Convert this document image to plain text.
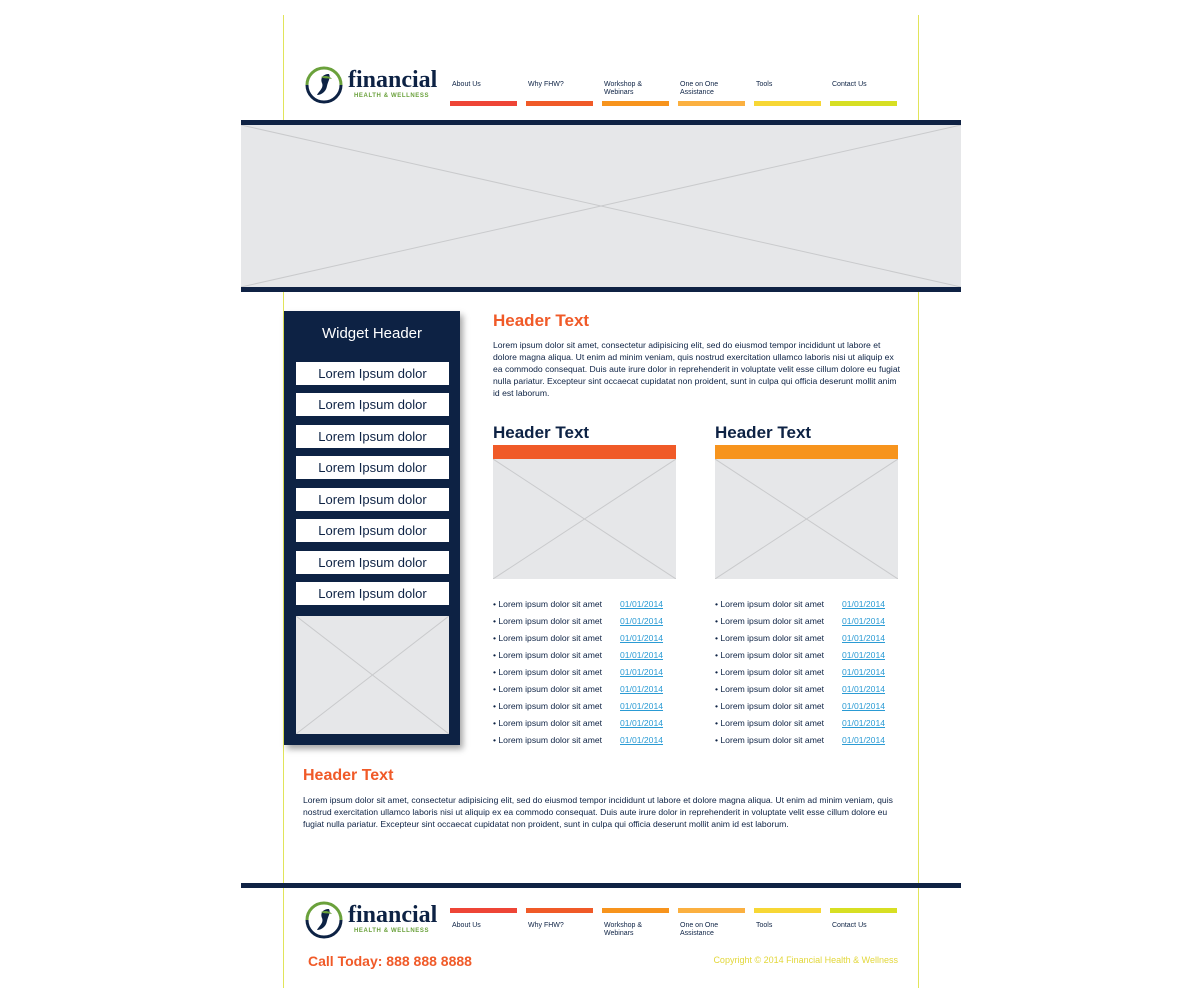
financial
HEALTH & WELLNESS
About Us	Why FHW?	Workshop & Webinars
One on One Assistance
Tools	Contact Us
Widget Header
Lorem Ipsum dolor
Lorem Ipsum dolor
Lorem Ipsum dolor
Lorem Ipsum dolor
Lorem Ipsum dolor
Lorem Ipsum dolor
Lorem Ipsum dolor
Lorem Ipsum dolor
Header Text
Lorem ipsum dolor sit amet, consectetur adipisicing elit, sed do eiusmod tempor incididunt ut labore et dolore magna aliqua. Ut enim ad minim veniam, quis nostrud exercitation ullamco laboris nisi ut aliquip ex ea commodo consequat. Duis aute irure dolor in reprehenderit in voluptate velit esse cillum dolore eu fugiat nulla pariatur. Excepteur sint occaecat cupidatat non proident, sunt in culpa qui officia deserunt mollit anim id est laborum.
Header Text
• Lorem ipsum dolor sit amet 01/01/2014
• Lorem ipsum dolor sit amet 01/01/2014
• Lorem ipsum dolor sit amet 01/01/2014
• Lorem ipsum dolor sit amet 01/01/2014
• Lorem ipsum dolor sit amet 01/01/2014
• Lorem ipsum dolor sit amet 01/01/2014
• Lorem ipsum dolor sit amet 01/01/2014
• Lorem ipsum dolor sit amet 01/01/2014
• Lorem ipsum dolor sit amet 01/01/2014
Header Text
• Lorem ipsum dolor sit amet 01/01/2014
• Lorem ipsum dolor sit amet 01/01/2014
• Lorem ipsum dolor sit amet 01/01/2014
• Lorem ipsum dolor sit amet 01/01/2014
• Lorem ipsum dolor sit amet 01/01/2014
• Lorem ipsum dolor sit amet 01/01/2014
• Lorem ipsum dolor sit amet 01/01/2014
• Lorem ipsum dolor sit amet 01/01/2014
• Lorem ipsum dolor sit amet 01/01/2014
Header Text
Lorem ipsum dolor sit amet, consectetur adipisicing elit, sed do eiusmod tempor incididunt ut labore et dolore magna aliqua. Ut enim ad minim veniam, quis nostrud exercitation ullamco laboris nisi ut aliquip ex ea commodo consequat. Duis aute irure dolor in reprehenderit in voluptate velit esse cillum dolore eu fugiat nulla pariatur. Excepteur sint occaecat cupidatat non proident, sunt in culpa qui officia deserunt mollit anim id est laborum.
financial
HEALTH & WELLNESS
About Us	Why FHW?	Workshop & Webinars
One on One Assistance
Tools	Contact Us
Call Today: 888 888 8888	Copyright © 2014 Financial Health & Wellness
